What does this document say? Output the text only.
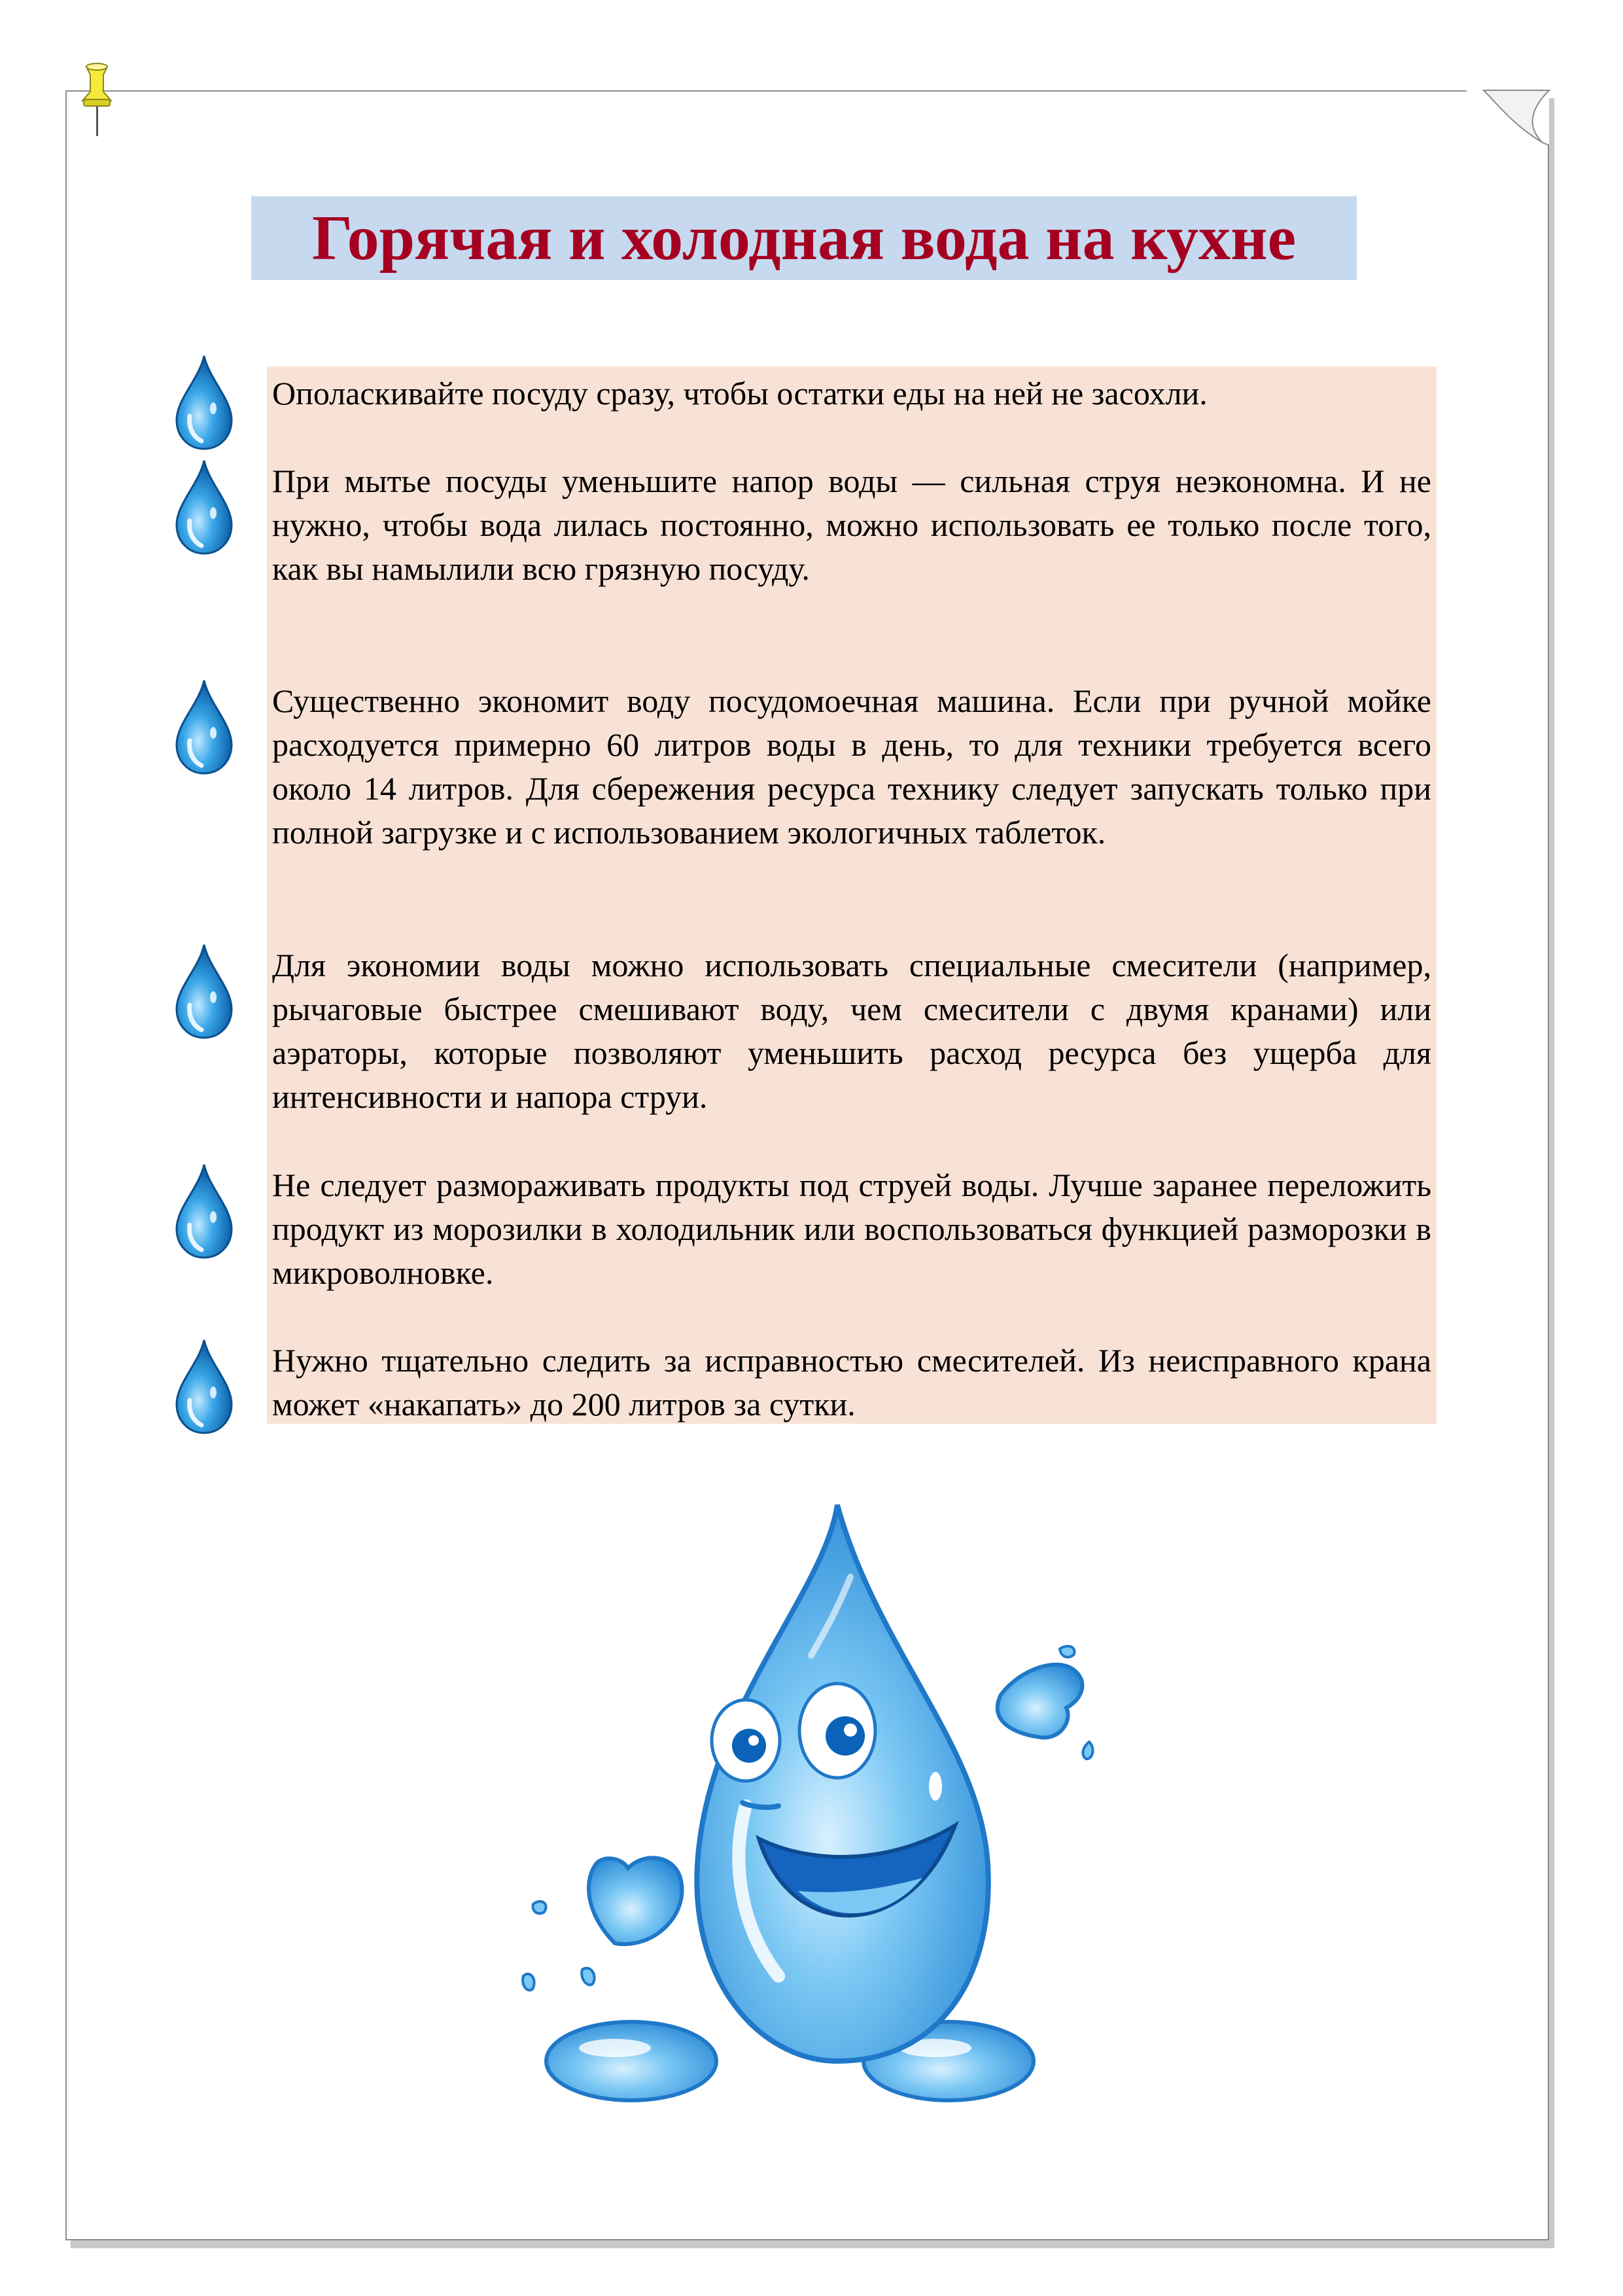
Горячая и холодная вода на кухне

Ополаскивайте посуду сразу, чтобы остатки еды на ней не засохли.

При мытье посуды уменьшите напор воды — сильная струя неэкономна. И не нужно, чтобы вода лилась постоянно, можно использовать ее только после того, как вы намылили всю грязную посуду.

Существенно экономит воду посудомоечная машина. Если при ручной мойке расходуется примерно 60 литров воды в день, то для техники требуется всего около 14 литров. Для сбережения ресурса технику следует запускать только при полной загрузке и с использованием экологичных таблеток.

Для экономии воды можно использовать специальные смесители (например, рычаговые быстрее смешивают воду, чем смесители с двумя кранами) или аэраторы, которые позволяют уменьшить расход ресурса без ущерба для интенсивности и напора струи.

Не следует размораживать продукты под струей воды. Лучше заранее переложить продукт из морозилки в холодильник или воспользоваться функцией разморозки в микроволновке.

Нужно тщательно следить за исправностью смесителей. Из неисправного крана может «накапать» до 200 литров за сутки.
